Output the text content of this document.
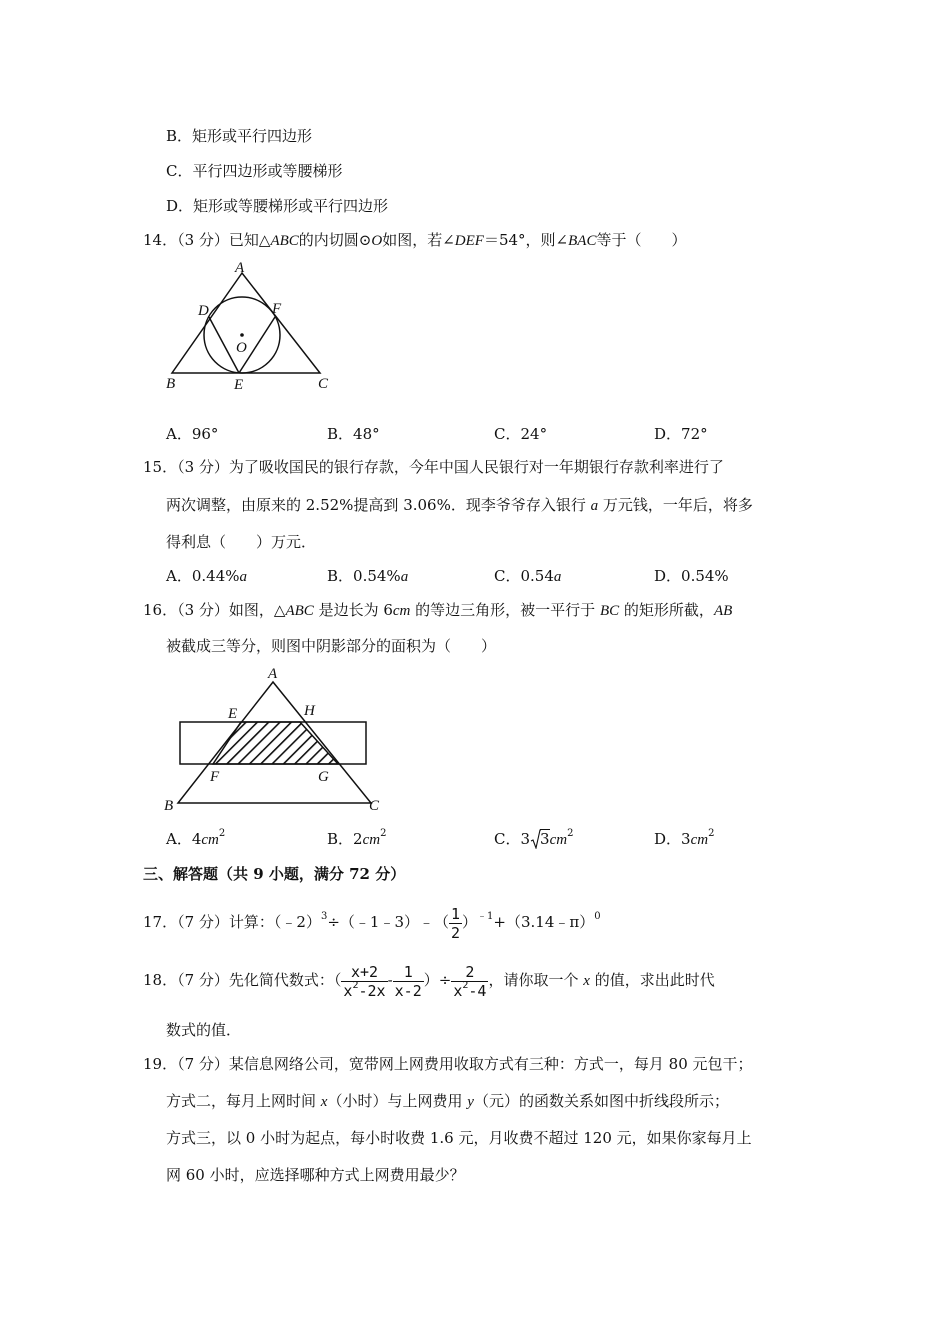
B．矩形或平行四边形
C．平行四边形或等腰梯形
D．矩形或等腰梯形或平行四边形
14．（3 分）已知△ABC的内切圆⊙O如图，若∠DEF＝54°，则∠BAC等于（　　）
A
D	F
O
B	E	C
A．96°	B．48°	C．24°	D．72°
15．（3 分）为了吸收国民的银行存款，今年中国人民银行对一年期银行存款利率进行了
两次调整，由原来的 2.52%提高到 3.06%．现李爷爷存入银行 a 万元钱，一年后，将多
得利息（　　）万元．
A．0.44%a	B．0.54%a	C．0.54a	D．0.54%
16．（3 分）如图，△ABC 是边长为 6cm 的等边三角形，被一平行于 BC 的矩形所截，AB
被截成三等分，则图中阴影部分的面积为（　　）
A
E	H
F	G
B	C
A．$4cm^2$	B．$2cm^2$	C．3 $3cm^2$	D．$3cm^2$
三、解答题（共 9 小题，满分 72 分）
17．（7 分）计算：（﹣2）$^3$÷（﹣1﹣3）﹣（ $\frac{1}{2}$ ）$^{﹣1}$+（3.14﹣π）$^0$
18．（7 分）先化简代数式：（ $\frac{x+2}{x^2-2x} - \frac{1}{x-2}$ ）÷ $\frac{2}{x^2-4}$ ，请你取一个 x 的值，求出此时代
数式的值．
19．（7 分）某信息网络公司，宽带网上网费用收取方式有三种：方式一，每月 80 元包干；
方式二，每月上网时间 x（小时）与上网费用 y（元）的函数关系如图中折线段所示；
方式三，以 0 小时为起点，每小时收费 1.6 元，月收费不超过 120 元，如果你家每月上
网 60 小时，应选择哪种方式上网费用最少？
